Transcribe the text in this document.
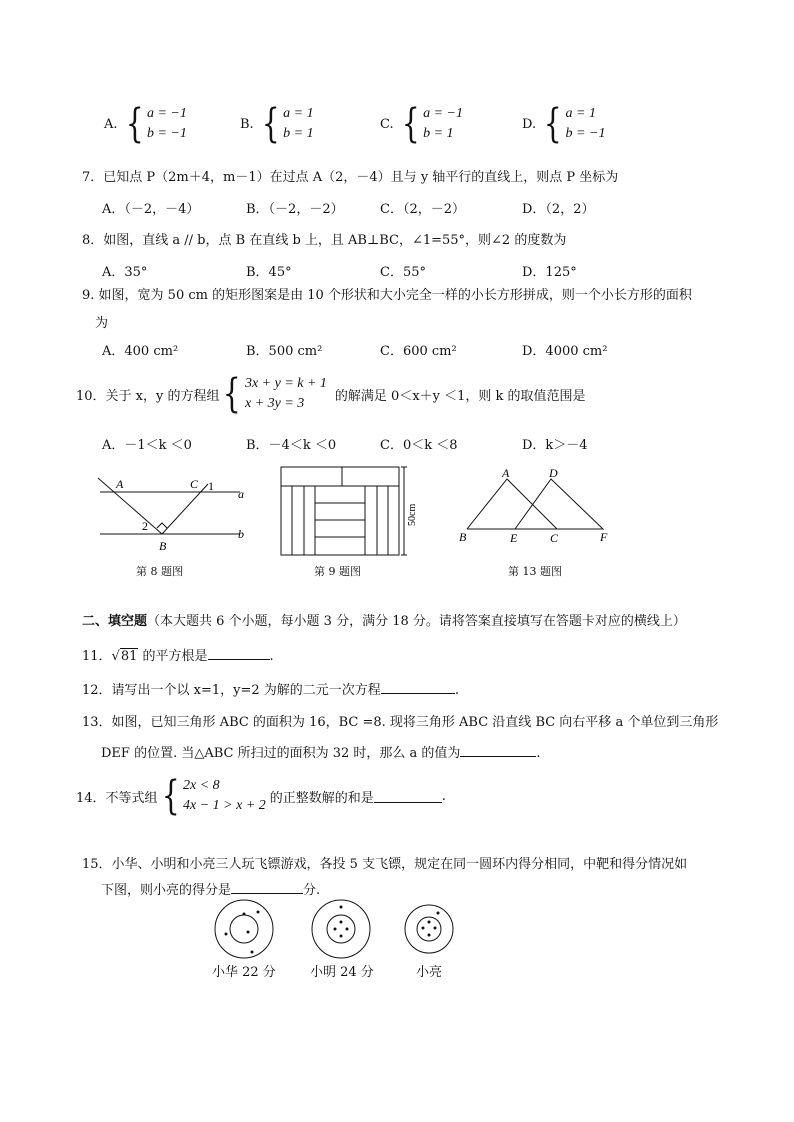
A. { a = −1
b = −1
B. { a = 1
b = 1
C. { a = −1
b = 1
D. { a = 1
b = −1
7．已知点 P（2m＋4，m－1）在过点 A（2，－4）且与 y 轴平行的直线上，则点 P 坐标为
A．（－2，－4）	B．（－2，－2）	C．（2，－2）	D．（2，2）
8．如图，直线 a // b，点 B 在直线 b 上，且 AB⊥BC，∠1=55°，则∠2 的度数为
A．35°	B．45°	C．55°	D．125°
9. 如图，宽为 50 cm 的矩形图案是由 10 个形状和大小完全一样的小长方形拼成，则一个小长方形的面积
为
A．400 cm²	B．500 cm²	C．600 cm²	D．4000 cm²
10．关于 x，y 的方程组 { 3x + y = k + 1
x + 3y = 3	的解满足 0＜x＋y ＜1，则 k 的取值范围是
A．－1＜k ＜0	B．－4＜k ＜0	C．0＜k ＜8	D．k＞－4
A	C 1
a
2
b
B
第 8 题图
50cm
第 9 题图
A	D
B	E	C	F
第 13 题图
二、填空题（本大题共 6 个小题，每小题 3 分，满分 18 分。请将答案直接填写在答题卡对应的横线上）
11．√81 的平方根是	.
12．请写出一个以 x=1，y=2 为解的二元一次方程	.
13．如图，已知三角形 ABC 的面积为 16，BC =8. 现将三角形 ABC 沿直线 BC 向右平移 a 个单位到三角形
DEF 的位置. 当△ABC 所扫过的面积为 32 时，那么 a 的值为	.
14．不等式组 { 2x < 8
4x − 1 > x + 2 的正整数解的和是	.
15．小华、小明和小亮三人玩飞镖游戏，各投 5 支飞镖，规定在同一圆环内得分相同，中靶和得分情况如
下图，则小亮的得分是	分.
小华 22 分	小明 24 分	小亮
